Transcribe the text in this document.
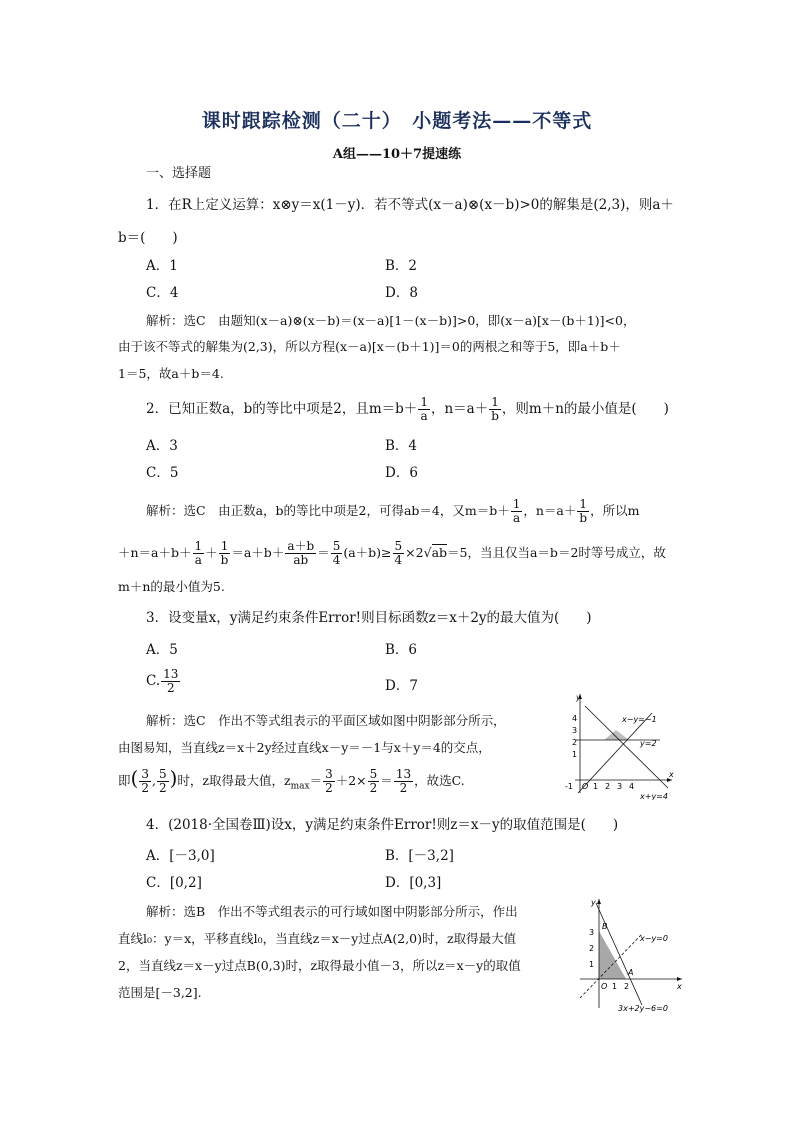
课时跟踪检测（二十）　小题考法——不等式
A组——10＋7提速练
一、选择题
1．在R上定义运算：x⊗y＝x(1－y)．若不等式(x－a)⊗(x－b)>0的解集是(2,3)，则a＋
b＝(　　)
A．1	B．2
C．4	D．8
解析：选C　由题知(x－a)⊗(x－b)＝(x－a)[1－(x－b)]>0，即(x－a)[x－(b＋1)]<0，
由于该不等式的解集为(2,3)，所以方程(x－a)[x－(b＋1)]＝0的两根之和等于5，即a＋b＋
1＝5，故a＋b＝4.
2．已知正数a，b的等比中项是2，且$m=b+ \frac{1}{a}$ ，$n=a+ \frac{1}{b}$ ，则m＋n的最小值是(　　)
A．3	B．4
C．5	D．6
解析：选C　由正数a，b的等比中项是2，可得ab＝4，又$m=b+ \frac{1}{a}$ ，$n=a+ \frac{1}{b}$ ，所以m
$+n=a+b+ \frac{1}{a} + \frac{1}{b} =a+b+ \frac{a+b}{ab} = \frac{5}{4} (a+b)\ge \frac{5}{4} \times 2√ab=5$，当且仅当a＝b＝2时等号成立，故
m＋n的最小值为5.
3．设变量x，y满足约束条件Error!则目标函数z＝x＋2y的最大值为(　　)
A．5	B．6
C. $\frac{13}{2}$	D．7
解析：选C　作出不等式组表示的平面区域如图中阴影部分所示，
由图易知，当直线z＝x＋2y经过直线x－y＝－1与x＋y＝4的交点，
即( $\frac{3}{2}$ , $\frac{5}{2}$ )时，z取得最大值，$z_{max}= \frac{3}{2} +2\times \frac{5}{2} = \frac{13}{2}$ ，故选C.
y
x
4
3
2
1
-1 O 1 2 3 4
x−y=−1
y=2
x+y=4
4．(2018·全国卷Ⅲ)设x，y满足约束条件Error!则z＝x－y的取值范围是(　　)
A．[－3,0]	B．[－3,2]
C．[0,2]	D．[0,3]
解析：选B　作出不等式组表示的可行域如图中阴影部分所示，作出
直线l₀：y＝x，平移直线l₀，当直线z＝x－y过点A(2,0)时，z取得最大值
2，当直线z＝x－y过点B(0,3)时，z取得最小值－3，所以z＝x－y的取值
范围是[－3,2].
y
x
3
2
1
O 1 2
B
A
x−y=0
3x+2y−6=0
